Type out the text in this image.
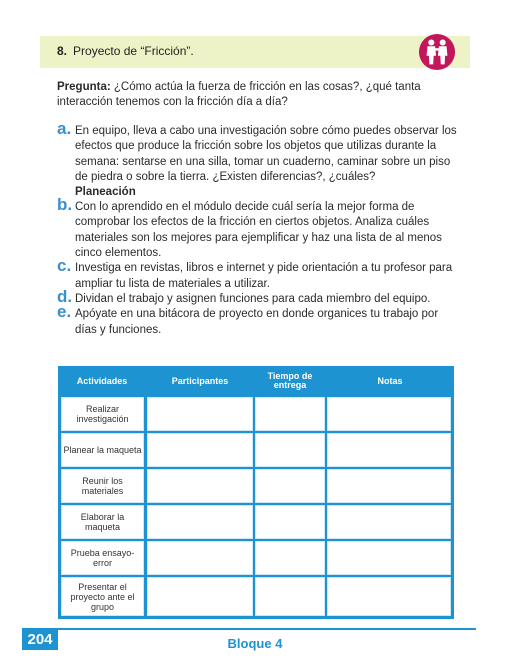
8. Proyecto de “Fricción”.
Pregunta: ¿Cómo actúa la fuerza de fricción en las cosas?, ¿qué tanta interacción tenemos con la fricción día a día?
a. En equipo, lleva a cabo una investigación sobre cómo puedes observar los efectos que produce la fricción sobre los objetos que utilizas durante la semana: sentarse en una silla, tomar un cuaderno, caminar sobre un piso de piedra o sobre la tierra. ¿Existen diferencias?, ¿cuáles?
Planeación
b. Con lo aprendido en el módulo decide cuál sería la mejor forma de comprobar los efectos de la fricción en ciertos objetos. Analiza cuáles materiales son los mejores para ejemplificar y haz una lista de al menos cinco elementos.
c. Investiga en revistas, libros e internet y pide orientación a tu profesor para ampliar tu lista de materiales a utilizar.
d. Dividan el trabajo y asignen funciones para cada miembro del equipo.
e. Apóyate en una bitácora de proyecto en donde organices tu trabajo por días y funciones.
Actividades	Participantes	Tiempo de entrega	Notas
Realizar investigación
Planear la maqueta
Reunir los materiales
Elaborar la maqueta
Prueba ensayo-error
Presentar el proyecto ante el grupo
204	Bloque 4
